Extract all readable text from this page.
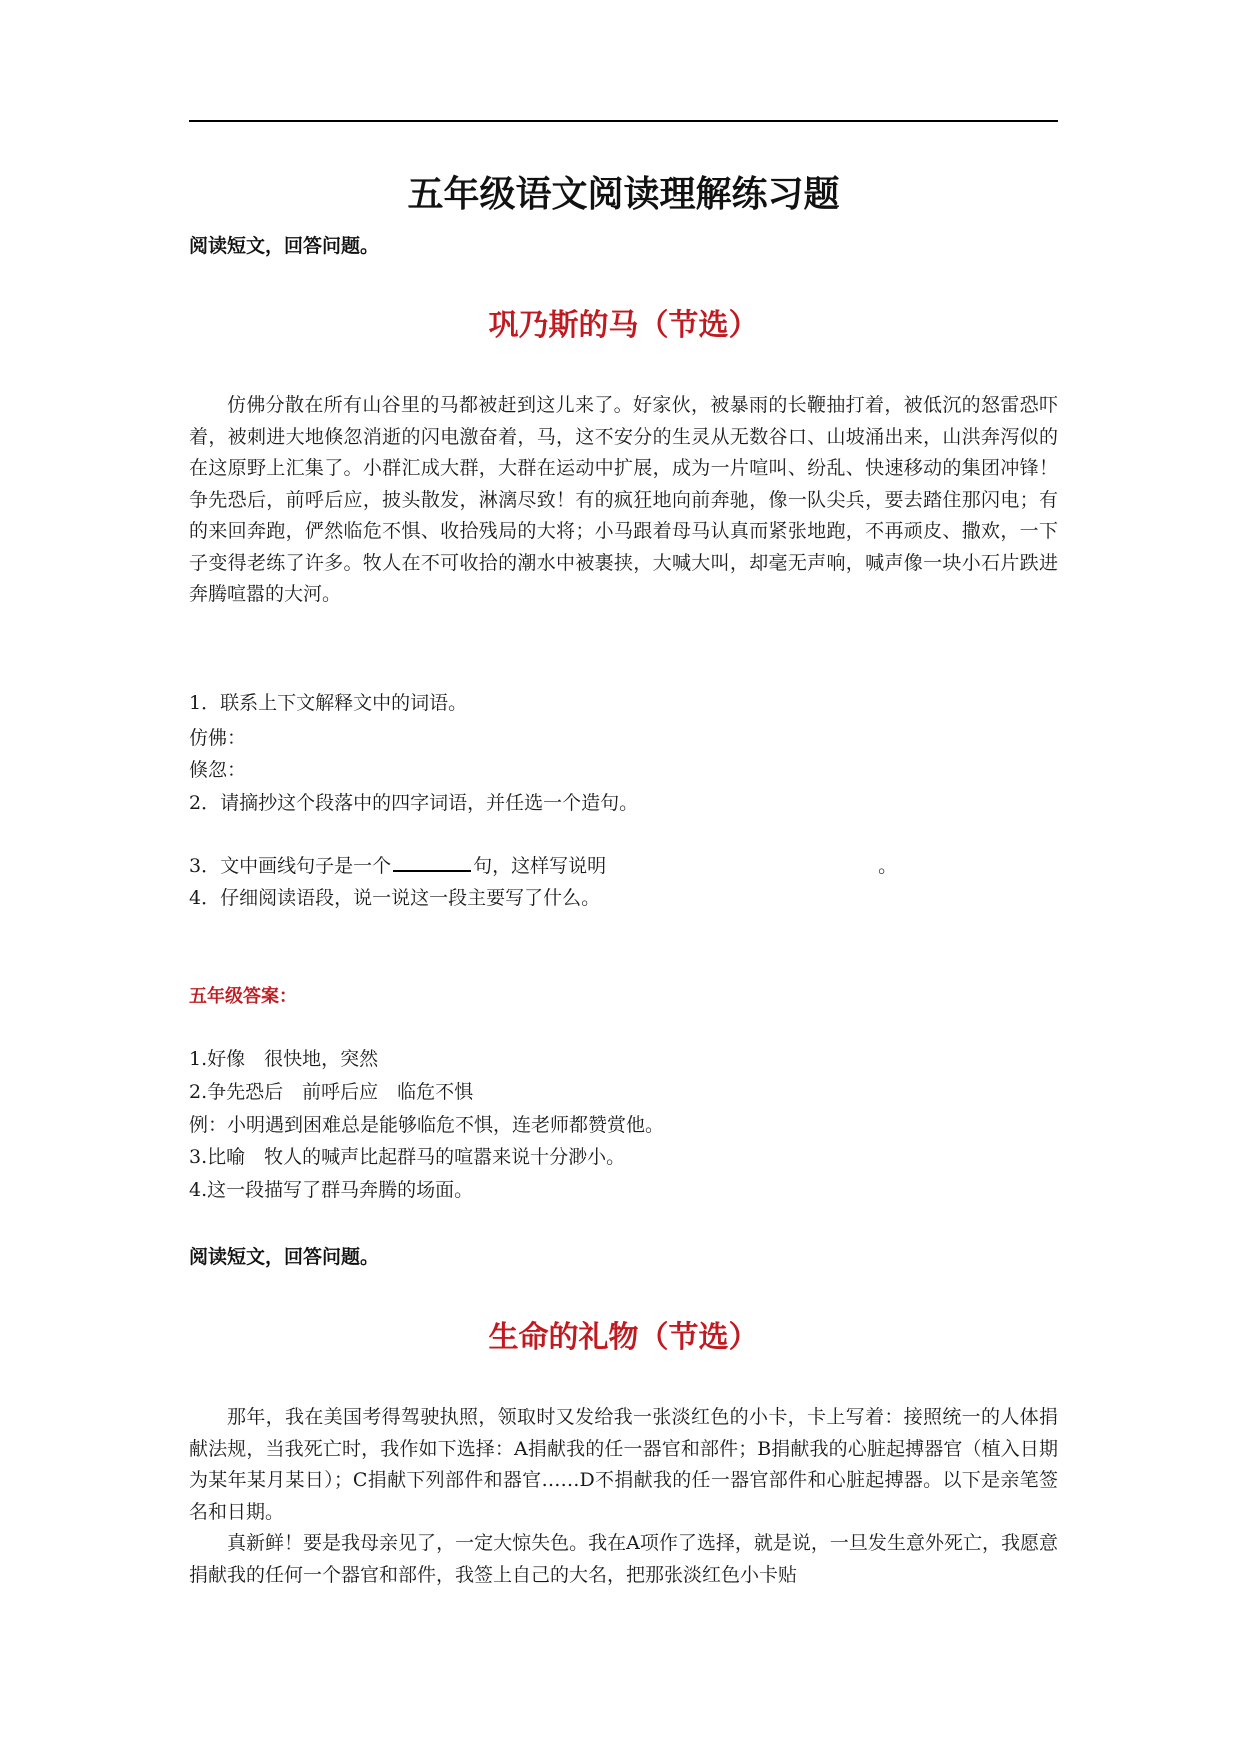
五年级语文阅读理解练习题
阅读短文，回答问题。
巩乃斯的马（节选）

仿佛分散在所有山谷里的马都被赶到这儿来了。好家伙，被暴雨的长鞭抽打着，被低沉的怒雷恐吓着，被刺进大地倏忽消逝的闪电激奋着，马，这不安分的生灵从无数谷口、山坡涌出来，山洪奔泻似的在这原野上汇集了。小群汇成大群，大群在运动中扩展，成为一片喧叫、纷乱、快速移动的集团冲锋！争先恐后，前呼后应，披头散发，淋漓尽致！有的疯狂地向前奔驰，像一队尖兵，要去踏住那闪电；有的来回奔跑，俨然临危不惧、收拾残局的大将；小马跟着母马认真而紧张地跑，不再顽皮、撒欢，一下子变得老练了许多。牧人在不可收拾的潮水中被裹挟，大喊大叫，却毫无声响，喊声像一块小石片跌进奔腾喧嚣的大河。

1．联系上下文解释文中的词语。
仿佛：
倏忽：
2．请摘抄这个段落中的四字词语，并任选一个造句。
3．文中画线句子是一个	句，这样写说明	。
4．仔细阅读语段，说一说这一段主要写了什么。
五年级答案：
1.好像　很快地，突然
2.争先恐后　前呼后应　临危不惧
例：小明遇到困难总是能够临危不惧，连老师都赞赏他。
3.比喻　牧人的喊声比起群马的喧嚣来说十分渺小。
4.这一段描写了群马奔腾的场面。
阅读短文，回答问题。
生命的礼物（节选）

那年，我在美国考得驾驶执照，领取时又发给我一张淡红色的小卡，卡上写着：接照统一的人体捐献法规，当我死亡时，我作如下选择：A捐献我的任一器官和部件；B捐献我的心脏起搏器官（植入日期为某年某月某日）；C捐献下列部件和器官……D不捐献我的任一器官部件和心脏起搏器。以下是亲笔签名和日期。

真新鲜！要是我母亲见了，一定大惊失色。我在A项作了选择，就是说，一旦发生意外死亡，我愿意捐献我的任何一个器官和部件，我签上自己的大名，把那张淡红色小卡贴
